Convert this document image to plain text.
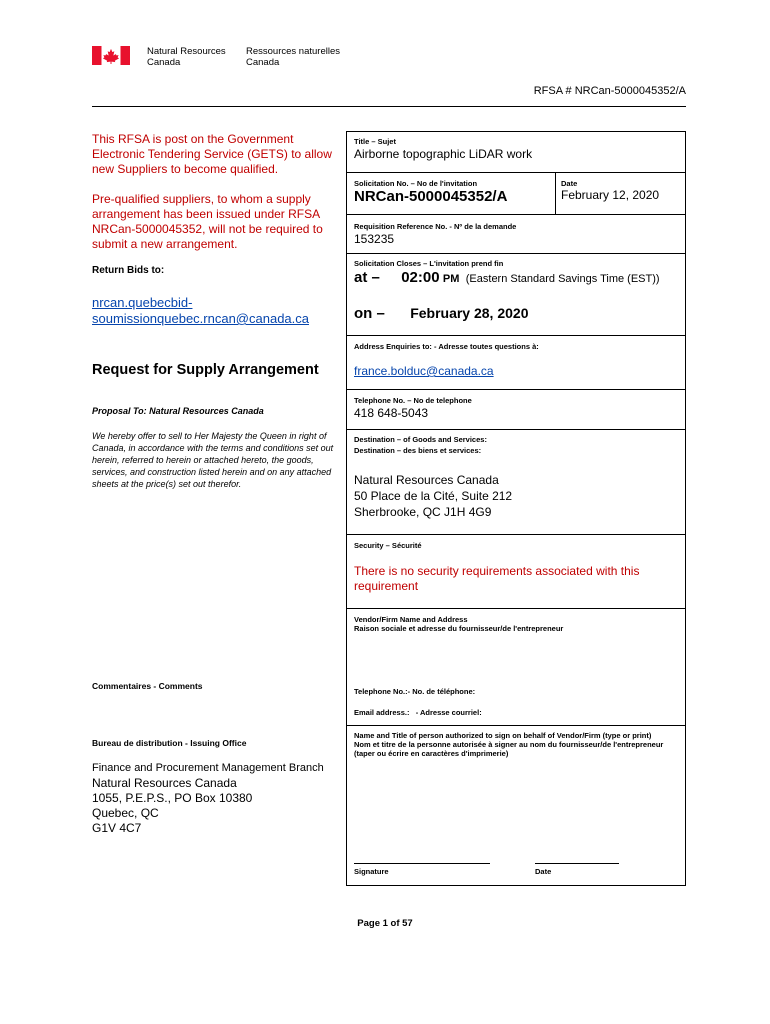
Natural Resources
Canada
Ressources naturelles
Canada
RFSA # NRCan-5000045352/A
This RFSA is post on the Government Electronic Tendering Service (GETS) to allow new Suppliers to become qualified.
Pre-qualified suppliers, to whom a supply arrangement has been issued under RFSA NRCan-5000045352, will not be required to submit a new arrangement.
Return Bids to:
nrcan.quebecbid-
soumissionquebec.rncan@canada.ca
Request for Supply Arrangement
Proposal To: Natural Resources Canada
We hereby offer to sell to Her Majesty the Queen in right of Canada, in accordance with the terms and conditions set out herein, referred to herein or attached hereto, the goods, services, and construction listed herein and on any attached sheets at the price(s) set out therefor.
Commentaires - Comments
Bureau de distribution - Issuing Office
Finance and Procurement Management Branch
Natural Resources Canada
1055, P.E.P.S., PO Box 10380
Quebec, QC
G1V 4C7
Title – Sujet
Airborne topographic LiDAR work
Solicitation No. – No de l'invitation
NRCan-5000045352/A
Date
February 12, 2020
Requisition Reference No. - Nº de la demande
153235
Solicitation Closes – L'invitation prend fin
at – 02:00 PM (Eastern Standard Savings Time (EST))
on – February 28, 2020
Address Enquiries to: - Adresse toutes questions à:
france.bolduc@canada.ca
Telephone No. – No de telephone
418 648-5043
Destination – of Goods and Services:
Destination – des biens et services:
Natural Resources Canada
50 Place de la Cité, Suite 212
Sherbrooke, QC J1H 4G9
Security – Sécurité
There is no security requirements associated with this requirement
Vendor/Firm Name and Address
Raison sociale et adresse du fournisseur/de l'entrepreneur
Telephone No.:- No. de téléphone:
Email address.:   - Adresse courriel:
Name and Title of person authorized to sign on behalf of Vendor/Firm (type or print)
Nom et titre de la personne autorisée à signer au nom du fournisseur/de l'entrepreneur (taper ou écrire en caractères d'imprimerie)
Signature	Date
Page 1 of 57
